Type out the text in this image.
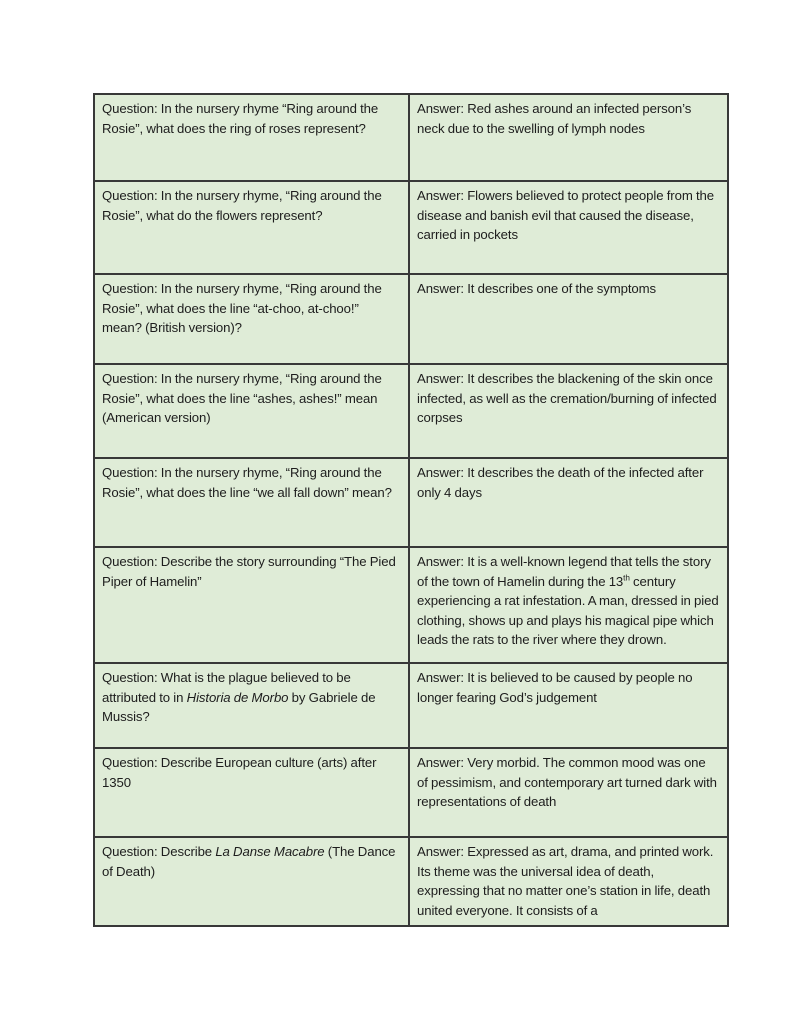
Question: In the nursery rhyme “Ring around the Rosie”, what does the ring of roses represent?	Answer: Red ashes around an infected person’s neck due to the swelling of lymph nodes
Question: In the nursery rhyme, “Ring around the Rosie”, what do the flowers represent?	Answer: Flowers believed to protect people from the disease and banish evil that caused the disease, carried in pockets
Question: In the nursery rhyme, “Ring around the Rosie”, what does the line “at-choo, at-choo!” mean? (British version)?	Answer: It describes one of the symptoms
Question: In the nursery rhyme, “Ring around the Rosie”, what does the line “ashes, ashes!” mean (American version)	Answer: It describes the blackening of the skin once infected, as well as the cremation/burning of infected corpses
Question: In the nursery rhyme, “Ring around the Rosie”, what does the line “we all fall down” mean?	Answer: It describes the death of the infected after only 4 days
Question: Describe the story surrounding “The Pied Piper of Hamelin”	Answer: It is a well-known legend that tells the story of the town of Hamelin during the 13th century experiencing a rat infestation. A man, dressed in pied clothing, shows up and plays his magical pipe which leads the rats to the river where they drown.
Question: What is the plague believed to be attributed to in Historia de Morbo by Gabriele de Mussis?	Answer: It is believed to be caused by people no longer fearing God’s judgement
Question: Describe European culture (arts) after 1350	Answer: Very morbid. The common mood was one of pessimism, and contemporary art turned dark with representations of death
Question: Describe La Danse Macabre (The Dance of Death)	Answer: Expressed as art, drama, and printed work. Its theme was the universal idea of death, expressing that no matter one’s station in life, death united everyone. It consists of a
